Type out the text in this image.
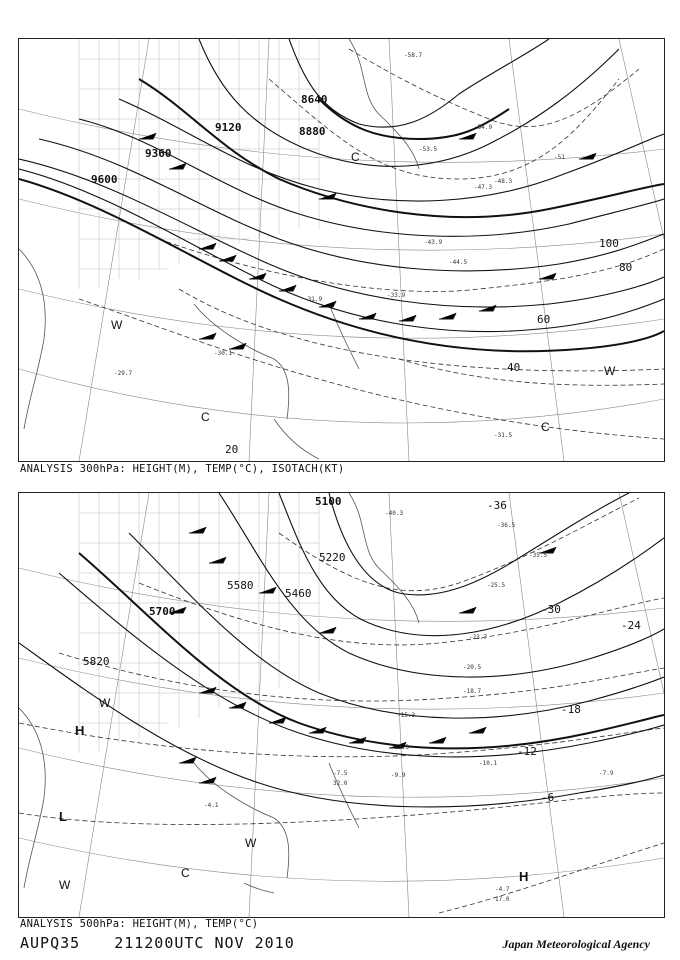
8640
8880
9120
9360
9600
20
40
60
80
100
W
W
C
C
C
-29.7
-30.1
-31.5
-31.9
-33.9
-43.9
-44.5
-47.3
-48.3
-51
-53.5
-54.9
-58.7
ANALYSIS 300hPa: HEIGHT(M), TEMP(°C), ISOTACH(KT)
5100
5220
5460
5580
5700
5820
-36
-30
-24
-18
-12
-6
H
H
L
W
W
W
C
-4.1
-4.7
-7.5	-7.9
-9.9
-10.1
-13.3
-15.3
-18.7
-20.5
-23.7
-25.5
-35.5
-36.5
-40.3
17.0
32.0
ANALYSIS 500hPa: HEIGHT(M), TEMP(°C)
AUPQ35 211200UTC NOV 2010	Japan Meteorological Agency
